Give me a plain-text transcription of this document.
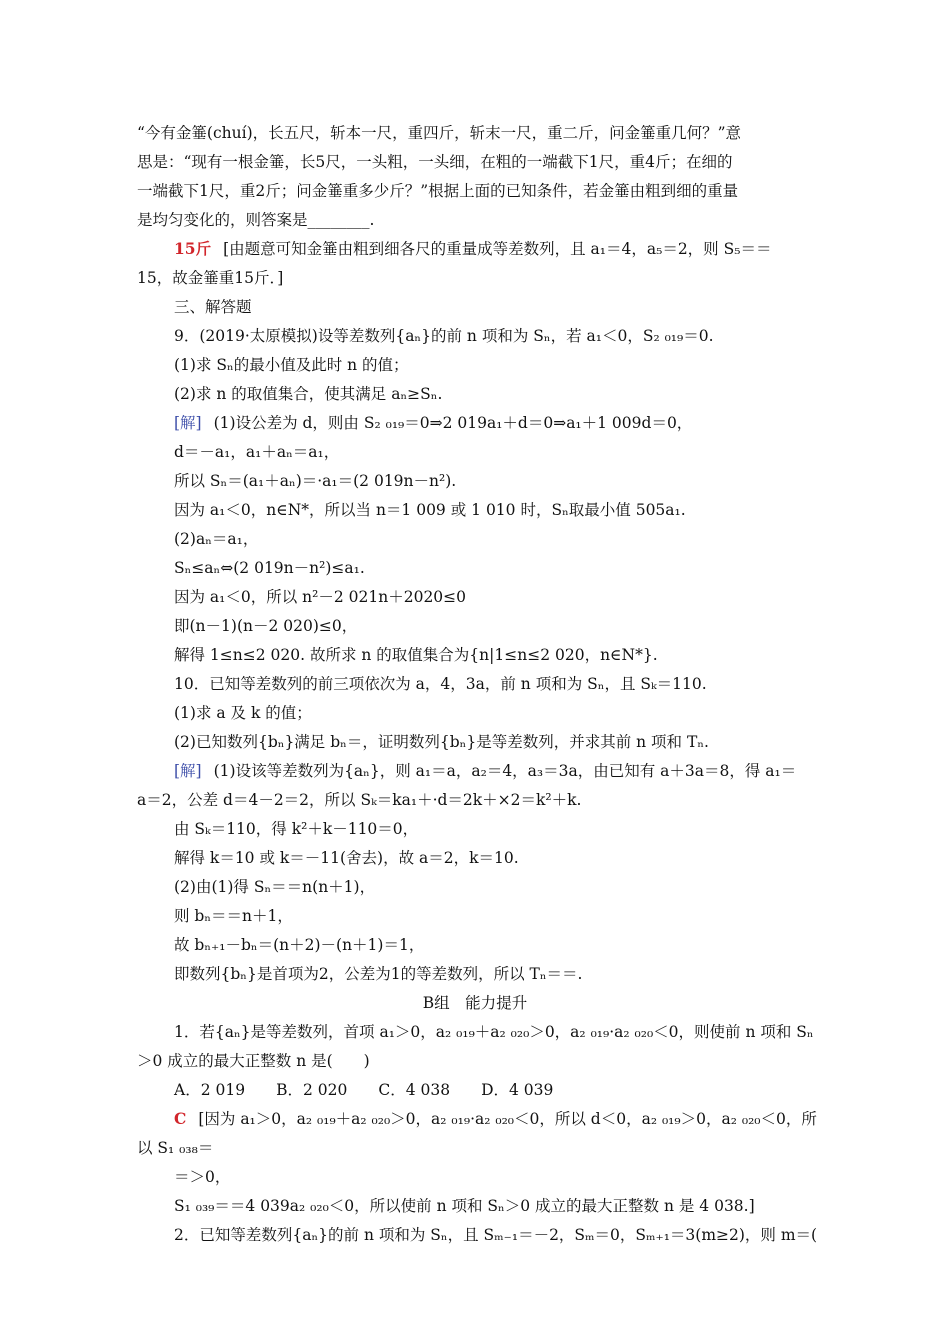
“今有金箠(chuí)，长五尺，斩本一尺，重四斤，斩末一尺，重二斤，问金箠重几何？”意
思是：“现有一根金箠，长5尺，一头粗，一头细，在粗的一端截下1尺，重4斤；在细的
一端截下1尺，重2斤；问金箠重多少斤？”根据上面的已知条件，若金箠由粗到细的重量
是均匀变化的，则答案是________.
15斤 [由题意可知金箠由粗到细各尺的重量成等差数列，且 a₁＝4，a₅＝2，则 S₅＝＝
15，故金箠重15斤．]
三、解答题
9．(2019·太原模拟)设等差数列{aₙ}的前 n 项和为 Sₙ，若 a₁＜0，S₂ ₀₁₉＝0.
(1)求 Sₙ的最小值及此时 n 的值；
(2)求 n 的取值集合，使其满足 aₙ≥Sₙ.
[解] (1)设公差为 d，则由 S₂ ₀₁₉＝0⇒2 019a₁＋d＝0⇒a₁＋1 009d＝0，
d＝－a₁，a₁＋aₙ＝a₁，
所以 Sₙ＝(a₁＋aₙ)＝·a₁＝(2 019n－n²).
因为 a₁＜0，n∈N*，所以当 n＝1 009 或 1 010 时，Sₙ取最小值 505a₁.
(2)aₙ＝a₁，
Sₙ≤aₙ⇔(2 019n－n²)≤a₁.
因为 a₁＜0，所以 n²－2 021n＋2020≤0
即(n－1)(n－2 020)≤0，
解得 1≤n≤2 020. 故所求 n 的取值集合为{n|1≤n≤2 020，n∈N*}.
10．已知等差数列的前三项依次为 a，4，3a，前 n 项和为 Sₙ，且 Sₖ＝110.
(1)求 a 及 k 的值；
(2)已知数列{bₙ}满足 bₙ＝，证明数列{bₙ}是等差数列，并求其前 n 项和 Tₙ.
[解] (1)设该等差数列为{aₙ}，则 a₁＝a，a₂＝4，a₃＝3a，由已知有 a＋3a＝8，得 a₁＝
a＝2，公差 d＝4－2＝2，所以 Sₖ＝ka₁＋·d＝2k＋×2＝k²＋k.
由 Sₖ＝110，得 k²＋k－110＝0，
解得 k＝10 或 k＝－11(舍去)，故 a＝2，k＝10.
(2)由(1)得 Sₙ＝＝n(n＋1)，
则 bₙ＝＝n＋1，
故 bₙ₊₁－bₙ＝(n＋2)－(n＋1)＝1，
即数列{bₙ}是首项为2，公差为1的等差数列，所以 Tₙ＝＝.
B组　能力提升
1．若{aₙ}是等差数列，首项 a₁＞0，a₂ ₀₁₉＋a₂ ₀₂₀＞0，a₂ ₀₁₉·a₂ ₀₂₀＜0，则使前 n 项和 Sₙ
＞0 成立的最大正整数 n 是(　　)
A．2 019　　B．2 020　　C．4 038　　D．4 039
C [因为 a₁＞0，a₂ ₀₁₉＋a₂ ₀₂₀＞0，a₂ ₀₁₉·a₂ ₀₂₀＜0，所以 d＜0，a₂ ₀₁₉＞0，a₂ ₀₂₀＜0，所
以 S₁ ₀₃₈＝
＝＞0，
S₁ ₀₃₉＝＝4 039a₂ ₀₂₀＜0，所以使前 n 项和 Sₙ＞0 成立的最大正整数 n 是 4 038.]
2．已知等差数列{aₙ}的前 n 项和为 Sₙ，且 Sₘ₋₁＝－2，Sₘ＝0，Sₘ₊₁＝3(m≥2)，则 m＝(
